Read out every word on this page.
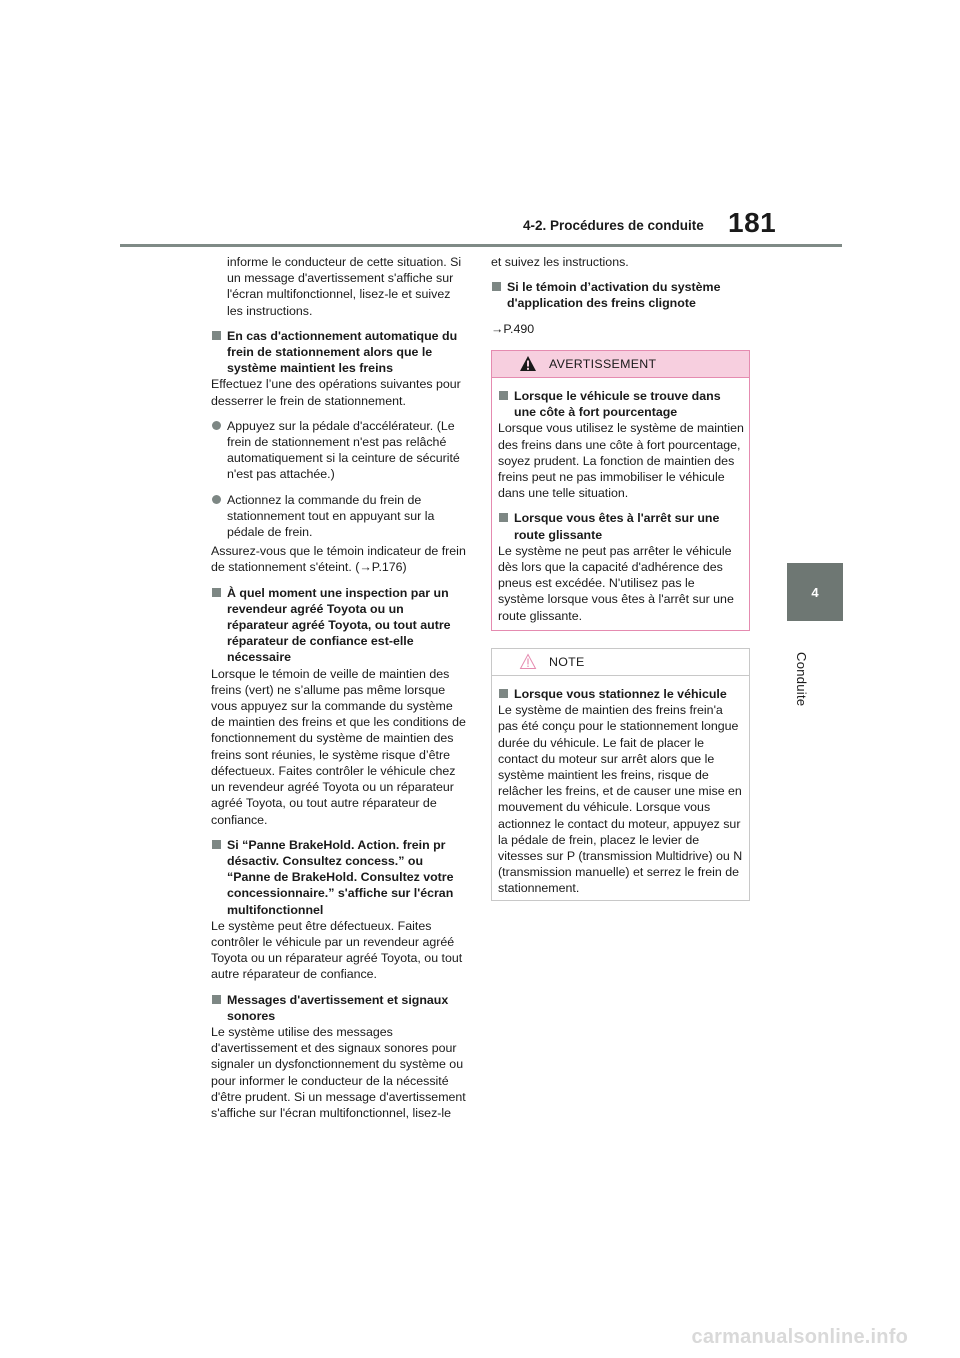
4-2. Procédures de conduite 181
4
Conduite

informe le conducteur de cette situation. Si un message d'avertissement s'affiche sur l'écran multifonctionnel, lisez-le et suivez les instructions.

En cas d'actionnement automatique du frein de stationnement alors que le système maintient les freins

Effectuez l’une des opérations suivantes pour desserrer le frein de stationnement.

Appuyez sur la pédale d'accélérateur. (Le frein de stationnement n'est pas relâché automatiquement si la ceinture de sécurité n'est pas attachée.)
Actionnez la commande du frein de stationnement tout en appuyant sur la pédale de frein.

Assurez-vous que le témoin indicateur de frein de stationnement s'éteint. (→P.176)

À quel moment une inspection par un revendeur agréé Toyota ou un réparateur agréé Toyota, ou tout autre réparateur de confiance est-elle nécessaire

Lorsque le témoin de veille de maintien des freins (vert) ne s’allume pas même lorsque vous appuyez sur la commande du système de maintien des freins et que les conditions de fonctionnement du système de maintien des freins sont réunies, le système risque d’être défectueux. Faites contrôler le véhicule chez un revendeur agréé Toyota ou un réparateur agréé Toyota, ou tout autre réparateur de confiance.

Si “Panne BrakeHold. Action. frein pr désactiv. Consultez concess.” ou “Panne de BrakeHold. Consultez votre concessionnaire.” s'affiche sur l'écran multifonctionnel

Le système peut être défectueux. Faites contrôler le véhicule par un revendeur agréé Toyota ou un réparateur agréé Toyota, ou tout autre réparateur de confiance.

Messages d'avertissement et signaux sonores

Le système utilise des messages d'avertissement et des signaux sonores pour signaler un dysfonctionnement du système ou pour informer le conducteur de la nécessité d'être prudent. Si un message d'avertissement s'affiche sur l'écran multifonctionnel, lisez-le

et suivez les instructions.

Si le témoin d’activation du système d'application des freins clignote

→P.490

AVERTISSEMENT
Lorsque le véhicule se trouve dans une côte à fort pourcentage

Lorsque vous utilisez le système de maintien des freins dans une côte à fort pourcentage, soyez prudent. La fonction de maintien des freins peut ne pas immobiliser le véhicule dans une telle situation.

Lorsque vous êtes à l'arrêt sur une route glissante

Le système ne peut pas arrêter le véhicule dès lors que la capacité d'adhérence des pneus est excédée. N'utilisez pas le système lorsque vous êtes à l'arrêt sur une route glissante.

NOTE
Lorsque vous stationnez le véhicule

Le système de maintien des freins frein'a pas été conçu pour le stationnement longue durée du véhicule. Le fait de placer le contact du moteur sur arrêt alors que le système maintient les freins, risque de relâcher les freins, et de causer une mise en mouvement du véhicule. Lorsque vous actionnez le contact du moteur, appuyez sur la pédale de frein, placez le levier de vitesses sur P (transmission Multidrive) ou N (transmission manuelle) et serrez le frein de stationnement.

carmanualsonline.info
